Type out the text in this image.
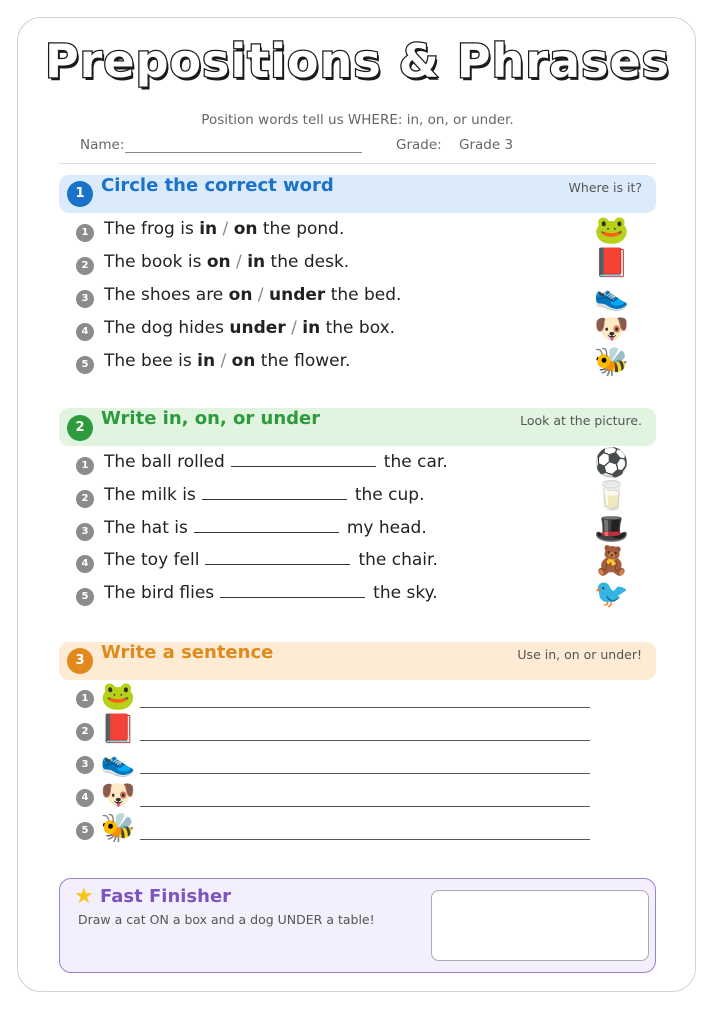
Prepositions & Phrases
Position words tell us WHERE: in, on, or under.
Name:	Grade: Grade 3
1 Circle the correct word	Where is it?
1 The frog is in / on the pond.	🐸
2 The book is on / in the desk.	📕
3 The shoes are on / under the bed.	👟
4 The dog hides under / in the box.	🐶
5 The bee is in / on the flower.	🐝
2 Write in, on, or under	Look at the picture.
1 The ball rolled	the car.	⚽
2 The milk is	the cup.	🥛
3 The hat is	my head.	🎩
4 The toy fell	the chair.	🧸
5 The bird flies	the sky.	🐦
3 Write a sentence	Use in, on or under!
1 🐸
2 📕
3 👟
4 🐶
5 🐝
★ Fast Finisher
Draw a cat ON a box and a dog UNDER a table!
